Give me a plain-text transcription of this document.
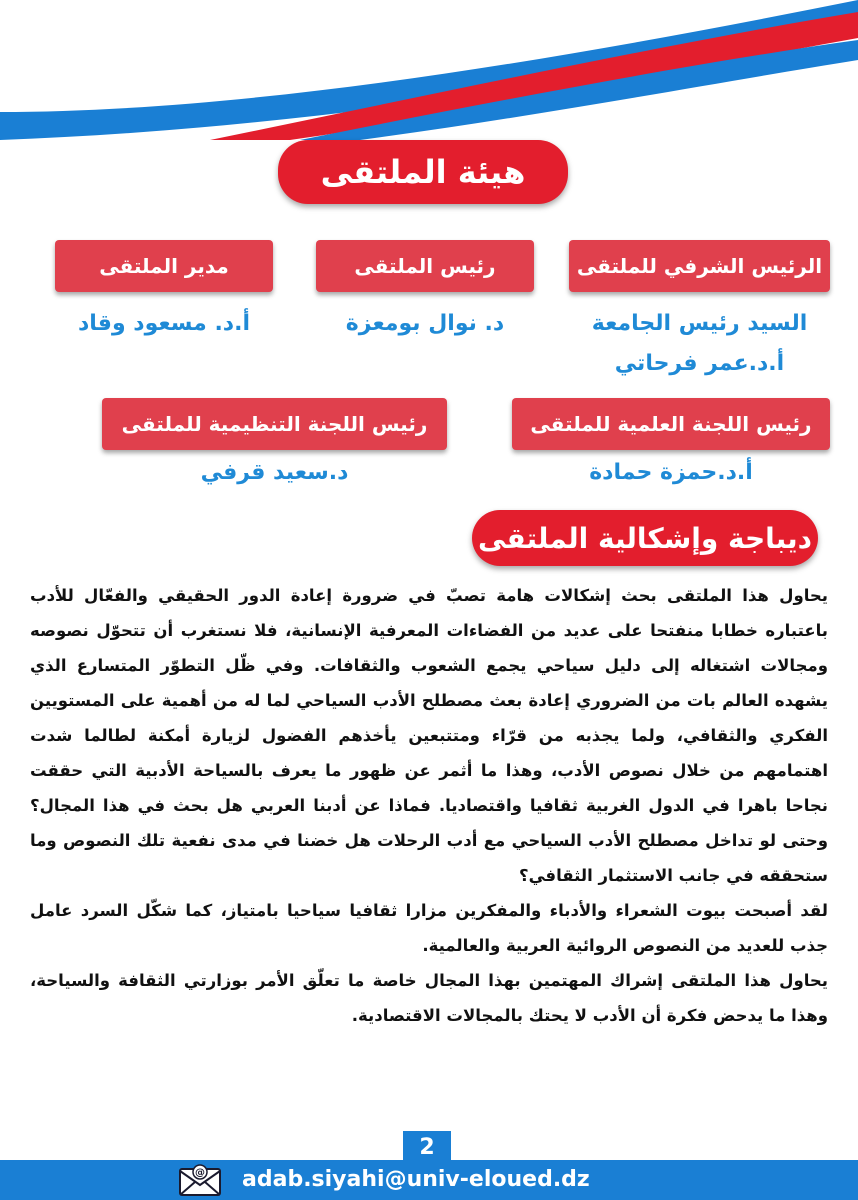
هيئة الملتقى
الرئيس الشرفي للملتقى
رئيس الملتقى
مدير الملتقى
السيد رئيس الجامعة
أ.د.عمر فرحاتي
د. نوال بومعزة
أ.د. مسعود وقاد
رئيس اللجنة العلمية للملتقى
رئيس اللجنة التنظيمية للملتقى
أ.د.حمزة حمادة
د.سعيد قرفي
ديباجة وإشكالية الملتقى

يحاول هذا الملتقى بحث إشكالات هامة تصبّ في ضرورة إعادة الدور الحقيقي والفعّال للأدب باعتباره خطابا منفتحا على عديد من الفضاءات المعرفية الإنسانية، فلا نستغرب أن تتحوّل نصوصه ومجالات اشتغاله إلى دليل سياحي يجمع الشعوب والثقافات. وفي ظّل التطوّر المتسارع الذي يشهده العالم بات من الضروري إعادة بعث مصطلح الأدب السياحي لما له من أهمية على المستويين الفكري والثقافي، ولما يجذبه من قرّاء ومتتبعين يأخذهم الفضول لزيارة أمكنة لطالما شدت اهتمامهم من خلال نصوص الأدب، وهذا ما أثمر عن ظهور ما يعرف بالسياحة الأدبية التي حققت نجاحا باهرا في الدول الغربية ثقافيا واقتصاديا. فماذا عن أدبنا العربي هل بحث في هذا المجال؟ وحتى لو تداخل مصطلح الأدب السياحي مع أدب الرحلات هل خضنا في مدى نفعية تلك النصوص وما ستحققه في جانب الاستثمار الثقافي؟

لقد أصبحت بيوت الشعراء والأدباء والمفكرين مزارا ثقافيا سياحيا بامتياز، كما شكّل السرد عامل جذب للعديد من النصوص الروائية العربية والعالمية.

يحاول هذا الملتقى إشراك المهتمين بهذا المجال خاصة ما تعلّق الأمر بوزارتي الثقافة والسياحة، وهذا ما يدحض فكرة أن الأدب لا يحتك بالمجالات الاقتصادية.

2
@ adab.siyahi@univ-eloued.dz
